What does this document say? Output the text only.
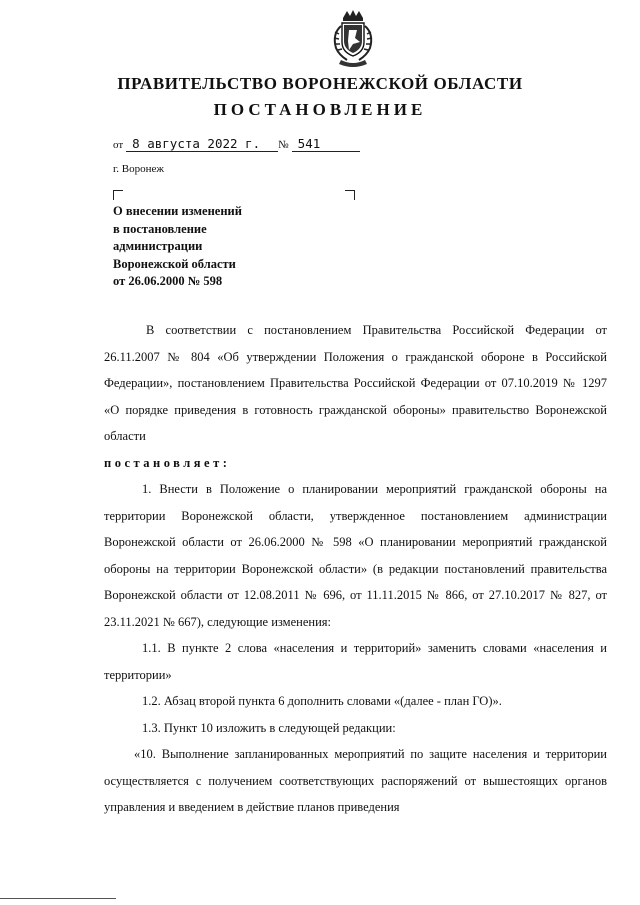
ПРАВИТЕЛЬСТВО ВОРОНЕЖСКОЙ ОБЛАСТИ
ПОСТАНОВЛЕНИЕ
от 8 августа 2022 г. № 541
г. Воронеж
О внесении изменений
в постановление
администрации
Воронежской области
от 26.06.2000 № 598

В соответствии с постановлением Правительства Российской Федерации от 26.11.2007 № 804 «Об утверждении Положения о гражданской обороне в Российской Федерации», постановлением Правительства Российской Федерации от 07.10.2019 № 1297 «О порядке приведения в готовность гражданской обороны» правительство Воронежской области

постановляет:

1. Внести в Положение о планировании мероприятий гражданской обороны на территории Воронежской области, утвержденное постановлением администрации Воронежской области от 26.06.2000 № 598 «О планировании мероприятий гражданской обороны на территории Воронежской области» (в редакции постановлений правительства Воронежской области от 12.08.2011 № 696, от 11.11.2015 № 866, от 27.10.2017 № 827, от 23.11.2021 № 667), следующие изменения:

1.1. В пункте 2 слова «населения и территорий» заменить словами «населения и территории»

1.2. Абзац второй пункта 6 дополнить словами «(далее - план ГО)».

1.3. Пункт 10 изложить в следующей редакции:

«10. Выполнение запланированных мероприятий по защите населения и территории осуществляется с получением соответствующих распоряжений от вышестоящих органов управления и введением в действие планов приведения
